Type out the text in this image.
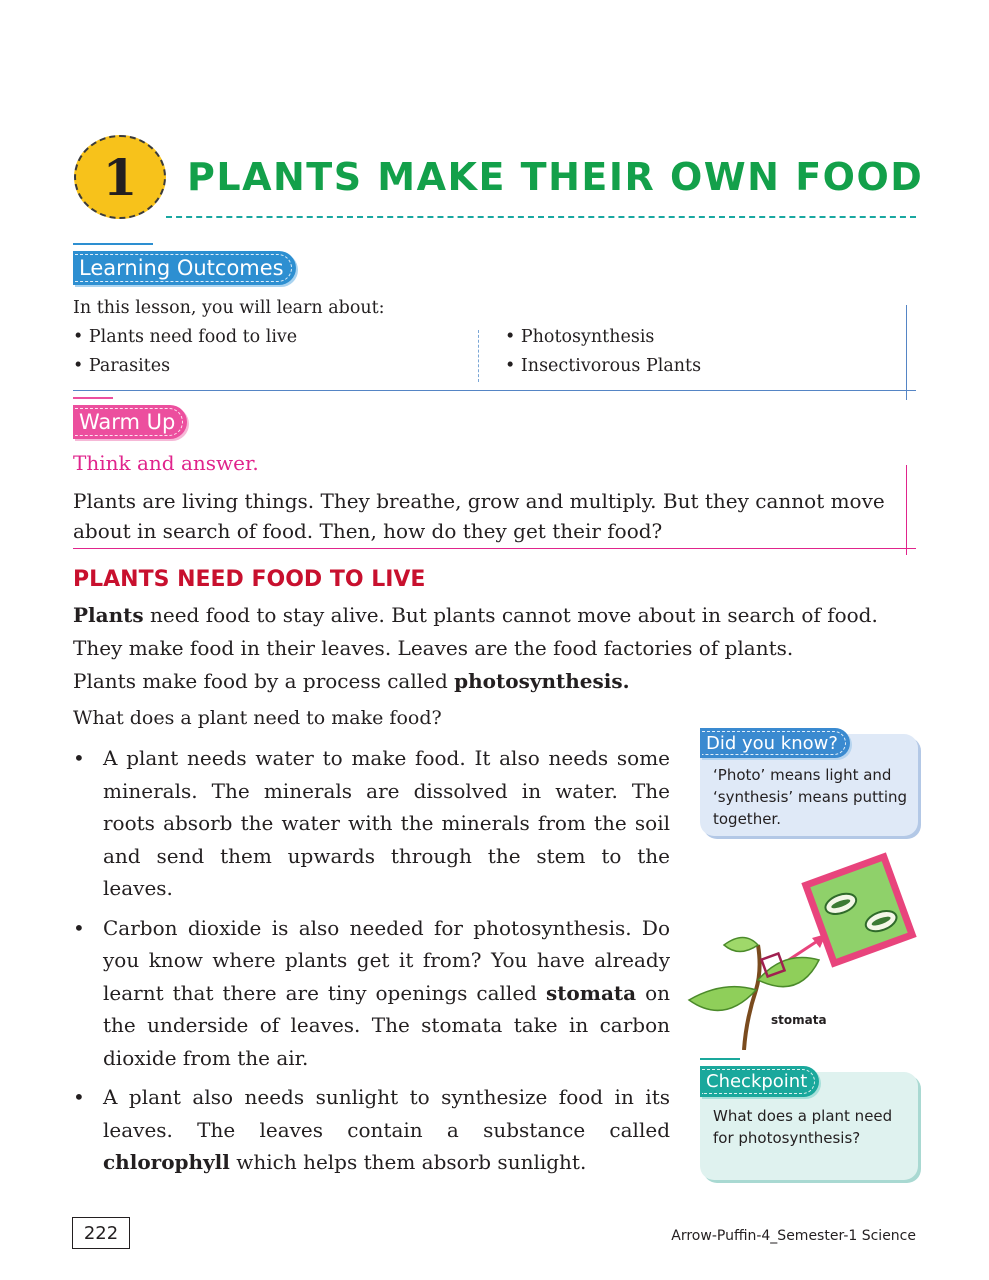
1	PLANTS MAKE THEIR OWN FOOD
Learning Outcomes
In this lesson, you will learn about:
• Plants need food to live
• Parasites
• Photosynthesis
• Insectivorous Plants
Warm Up
Think and answer.
Plants are living things. They breathe, grow and multiply. But they cannot move about in search of food. Then, how do they get their food?
PLANTS NEED FOOD TO LIVE
Plants need food to stay alive. But plants cannot move about in search of food.
They make food in their leaves. Leaves are the food factories of plants.
Plants make food by a process called photosynthesis.
What does a plant need to make food?
• A plant needs water to make food. It also needs some minerals. The minerals are dissolved in water. The roots absorb the water with the minerals from the soil and send them upwards through the stem to the leaves.
• Carbon dioxide is also needed for photosynthesis. Do you know where plants get it from? You have already learnt that there are tiny openings called stomata on the underside of leaves. The stomata take in carbon dioxide from the air.
• A plant also needs sunlight to synthesize food in its leaves. The leaves contain a substance called chlorophyll which helps them absorb sunlight.
‘Photo’ means light and ‘synthesis’ means putting together.
Did you know?
stomata
What does a plant need for photosynthesis?
Checkpoint
222	Arrow-Puffin-4_Semester-1 Science
